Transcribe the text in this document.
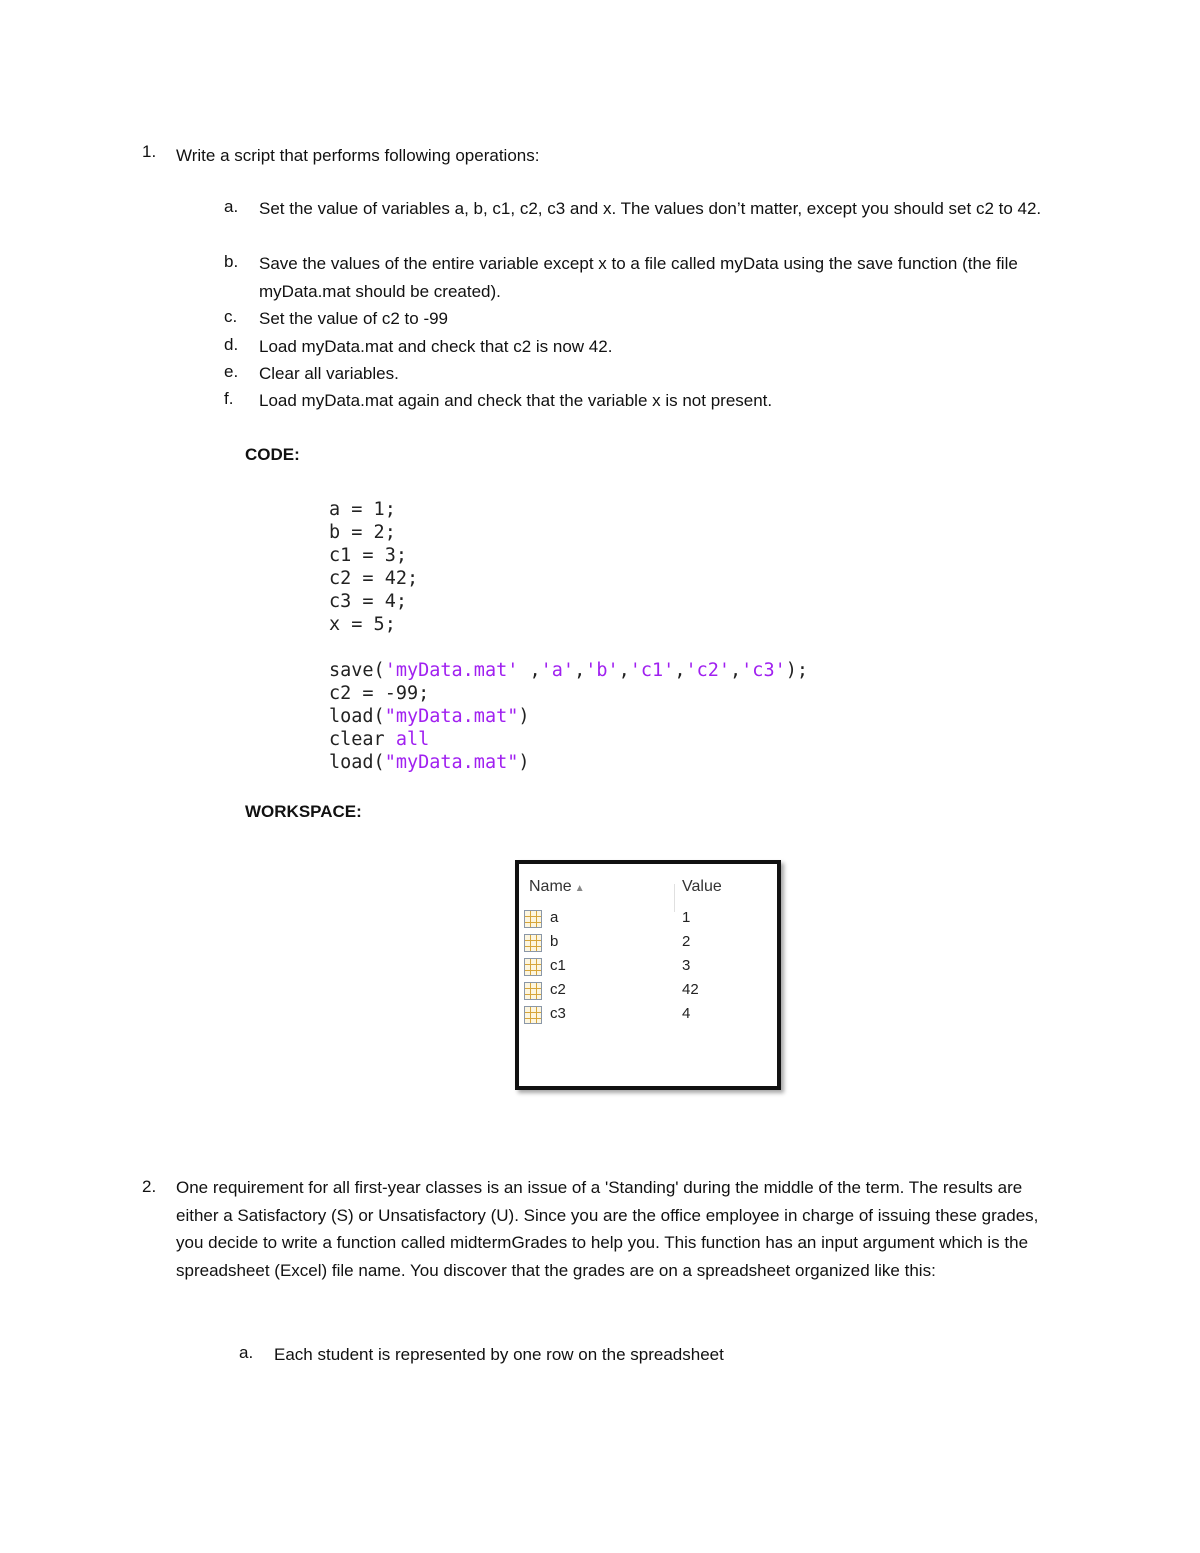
1. Write a script that performs following operations:
a. Set the value of variables a, b, c1, c2, c3 and x. The values don’t matter, except you should set c2 to 42.
b. Save the values of the entire variable except x to a file called myData using the save function (the file myData.mat should be created).
c. Set the value of c2 to -99
d. Load myData.mat and check that c2 is now 42.
e. Clear all variables.
f. Load myData.mat again and check that the variable x is not present.
CODE:
a = 1;
b = 2;
c1 = 3;
c2 = 42;
c3 = 4;
x = 5;
save('myData.mat' ,'a','b','c1','c2','c3');
c2 = -99;
load("myData.mat")
clear all
load("myData.mat")
WORKSPACE:
Name ▲	Value
a	1
b	2
c1	3
c2	42
c3	4
2. One requirement for all first-year classes is an issue of a 'Standing' during the middle of the term. The results are either a Satisfactory (S) or Unsatisfactory (U). Since you are the office employee in charge of issuing these grades, you decide to write a function called midtermGrades to help you. This function has an input argument which is the spreadsheet (Excel) file name. You discover that the grades are on a spreadsheet organized like this:
a. Each student is represented by one row on the spreadsheet
